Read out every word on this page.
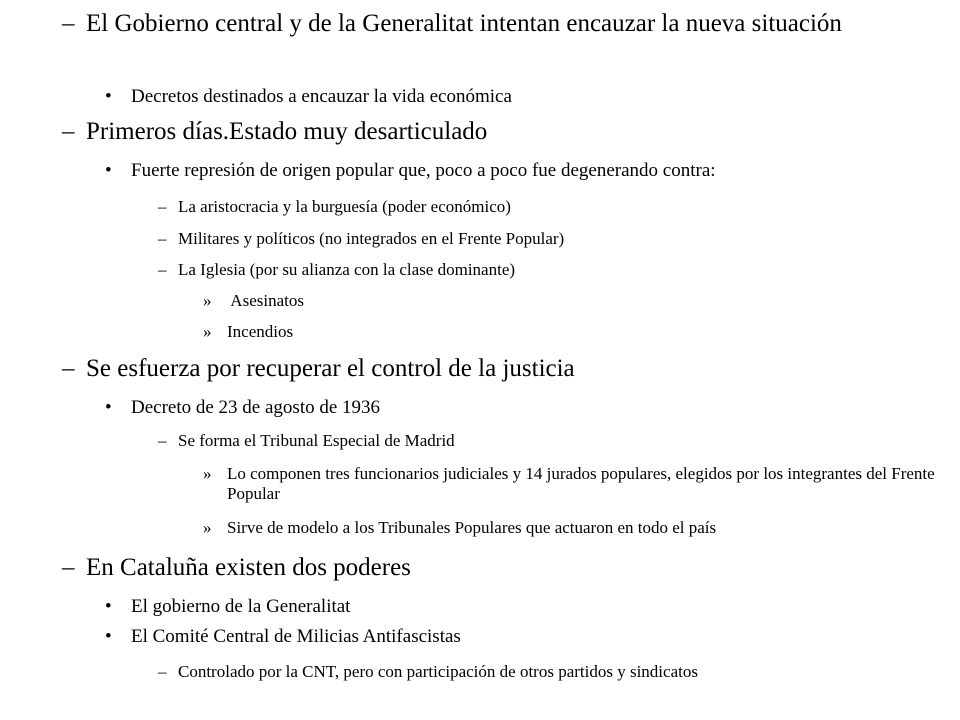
– El Gobierno central y de la Generalitat intentan encauzar la nueva situación
• Decretos destinados a encauzar la vida económica
– Primeros días.Estado muy desarticulado
• Fuerte represión de origen popular que, poco a poco fue degenerando contra:
– La aristocracia y la burguesía (poder económico)
– Militares y políticos (no integrados en el Frente Popular)
– La Iglesia (por su alianza con la clase dominante)
» Asesinatos
» Incendios
– Se esfuerza por recuperar el control de la justicia
• Decreto de 23 de agosto de 1936
– Se forma el Tribunal Especial de Madrid
» Lo componen tres funcionarios judiciales y 14 jurados populares, elegidos por los integrantes del Frente Popular
» Sirve de modelo a los Tribunales Populares que actuaron en todo el país
– En Cataluña existen dos poderes
• El gobierno de la Generalitat
• El Comité Central de Milicias Antifascistas
– Controlado por la CNT, pero con participación de otros partidos y sindicatos
